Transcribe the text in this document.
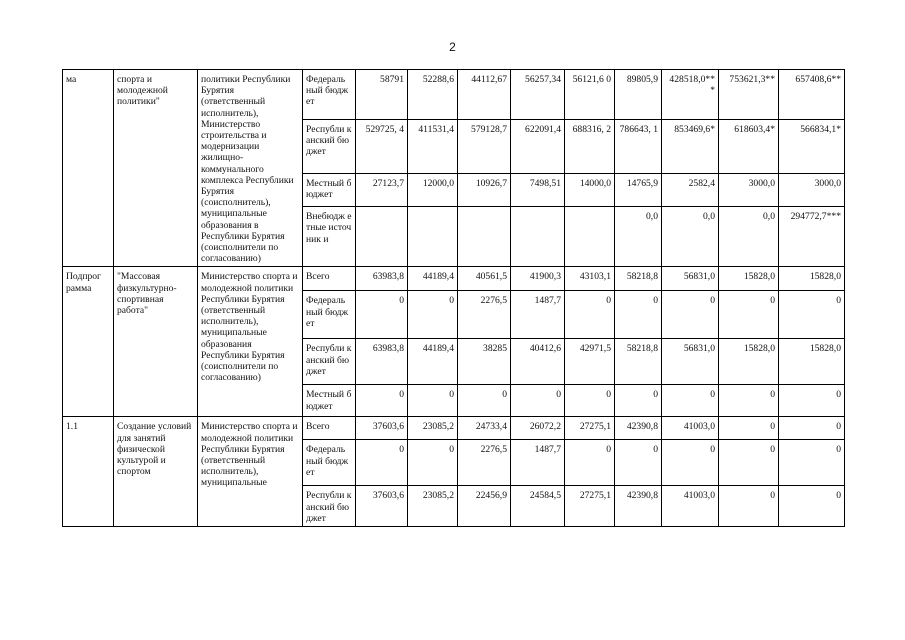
2
ма	спорта и молодежной политики"	политики Республики Бурятия (ответственный исполнитель), Министерство строительства и модернизации жилищно-коммунального комплекса Республики Бурятия (соисполнитель), муниципальные образования в Республики Бурятия (соисполнители по согласованию)	Федераль ный бюджет	58791	52288,6	44112,67	56257,34	56121,6 0	89805,9	428518,0** *	753621,3**	657408,6**
			Республи канский бюджет	529725, 4	411531,4	579128,7	622091,4	688316, 2	786643, 1	853469,6*	618603,4*	566834,1*
			Местный бюджет	27123,7	12000,0	10926,7	7498,51	14000,0	14765,9	2582,4	3000,0	3000,0
			Внебюдж етные источник и						0,0	0,0	0,0	294772,7***
Подпрог рамма	"Массовая физкультурно-спортивная работа"	Министерство спорта и молодежной политики Республики Бурятия (ответственный исполнитель), муниципальные образования Республики Бурятия (соисполнители по согласованию)	Всего	63983,8	44189,4	40561,5	41900,3	43103,1	58218,8	56831,0	15828,0	15828,0
			Федераль ный бюджет	0	0	2276,5	1487,7	0	0	0	0	0
			Республи канский бюджет	63983,8	44189,4	38285	40412,6	42971,5	58218,8	56831,0	15828,0	15828,0
			Местный бюджет	0	0	0	0	0	0	0	0	0
1.1	Создание условий для занятий физической культурой и спортом	Министерство спорта и молодежной политики Республики Бурятия (ответственный исполнитель), муниципальные	Всего	37603,6	23085,2	24733,4	26072,2	27275,1	42390,8	41003,0	0	0
			Федераль ный бюджет	0	0	2276,5	1487,7	0	0	0	0	0
			Республи канский бюджет	37603,6	23085,2	22456,9	24584,5	27275,1	42390,8	41003,0	0	0
